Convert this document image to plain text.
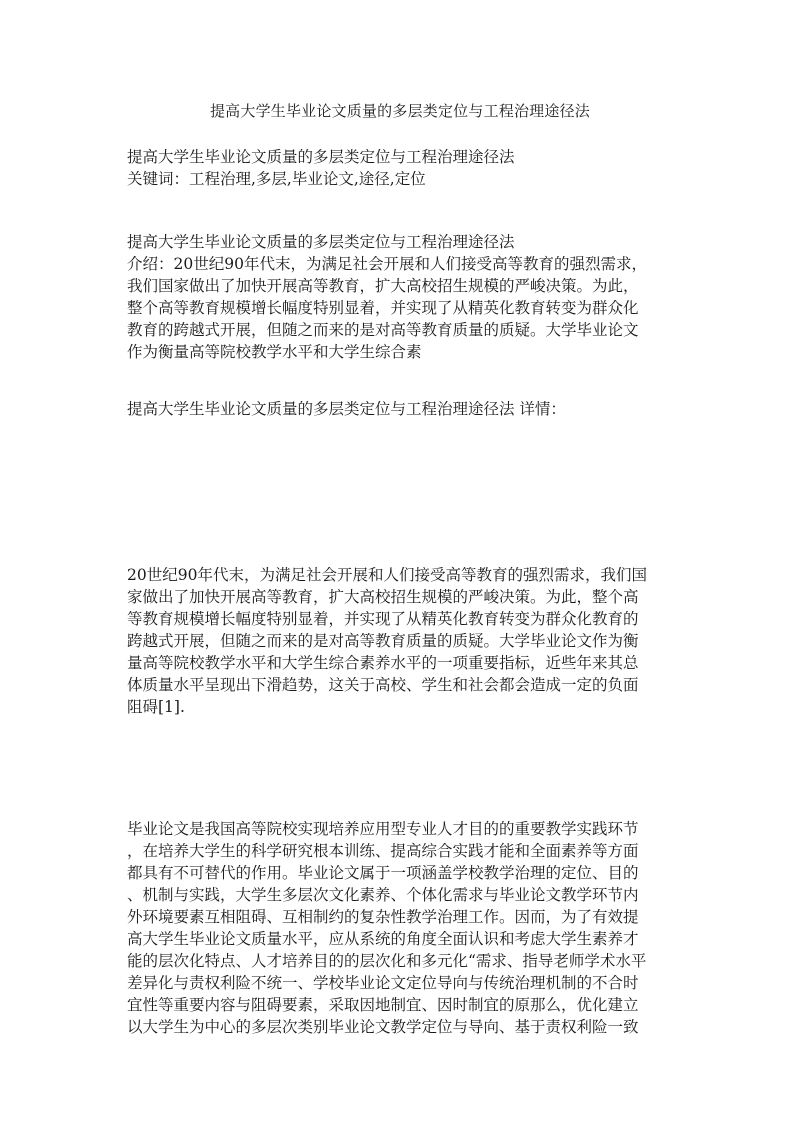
提高大学生毕业论文质量的多层类定位与工程治理途径法

提高大学生毕业论文质量的多层类定位与工程治理途径法

关键词：工程治理,多层,毕业论文,途径,定位

提高大学生毕业论文质量的多层类定位与工程治理途径法

介绍：20世纪90年代末，为满足社会开展和人们接受高等教育的强烈需求，

我们国家做出了加快开展高等教育，扩大高校招生规模的严峻决策。为此，

整个高等教育规模增长幅度特别显着，并实现了从精英化教育转变为群众化

教育的跨越式开展，但随之而来的是对高等教育质量的质疑。大学毕业论文

作为衡量高等院校教学水平和大学生综合素

提高大学生毕业论文质量的多层类定位与工程治理途径法 详情：

20世纪90年代末，为满足社会开展和人们接受高等教育的强烈需求，我们国

家做出了加快开展高等教育，扩大高校招生规模的严峻决策。为此，整个高

等教育规模增长幅度特别显着，并实现了从精英化教育转变为群众化教育的

跨越式开展，但随之而来的是对高等教育质量的质疑。大学毕业论文作为衡

量高等院校教学水平和大学生综合素养水平的一项重要指标，近些年来其总

体质量水平呈现出下滑趋势，这关于高校、学生和社会都会造成一定的负面

阻碍[1].

毕业论文是我国高等院校实现培养应用型专业人才目的的重要教学实践环节

，在培养大学生的科学研究根本训练、提高综合实践才能和全面素养等方面

都具有不可替代的作用。毕业论文属于一项涵盖学校教学治理的定位、目的

、机制与实践，大学生多层次文化素养、个体化需求与毕业论文教学环节内

外环境要素互相阻碍、互相制约的复杂性教学治理工作。因而，为了有效提

高大学生毕业论文质量水平，应从系统的角度全面认识和考虑大学生素养才

能的层次化特点、人才培养目的的层次化和多元化“需求、指导老师学术水平

差异化与责权利险不统一、学校毕业论文定位导向与传统治理机制的不合时

宜性等重要内容与阻碍要素，采取因地制宜、因时制宜的原那么，优化建立

以大学生为中心的多层次类别毕业论文教学定位与导向、基于责权利险一致
